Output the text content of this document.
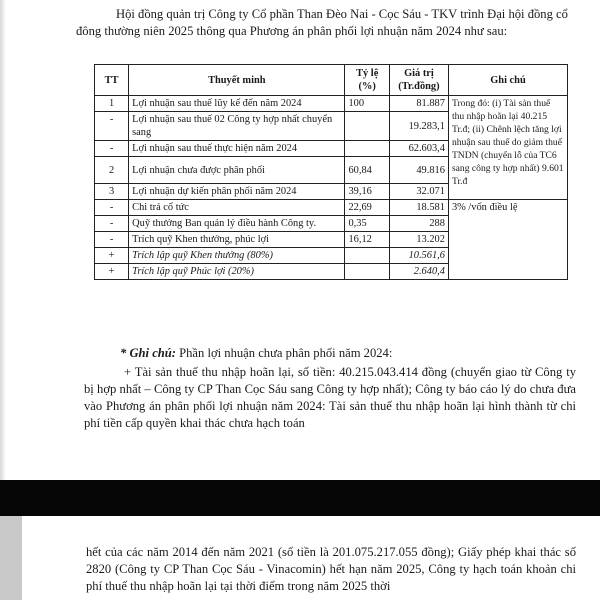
Hội đồng quản trị Công ty Cổ phần Than Đèo Nai - Cọc Sáu - TKV trình Đại hội đồng cổ đông thường niên 2025 thông qua Phương án phân phối lợi nhuận năm 2024 như sau:

TT	Thuyết minh	Tỷ lệ (%)	Giá trị (Tr.đồng)	Ghi chú
1	Lợi nhuận sau thuế lũy kế đến năm 2024	100	81.887	Trong đó: (i) Tài sản thuế thu nhập hoãn lại 40.215 Tr.đ; (ii) Chênh lệch tăng lợi nhuận sau thuế do giảm thuế TNDN (chuyển lỗ của TC6 sang công ty hợp nhất) 9.601 Tr.đ
-	Lợi nhuận sau thuế 02 Công ty hợp nhất chuyển sang		19.283,1	
-	Lợi nhuận sau thuế thực hiện năm 2024		62.603,4	
2	Lợi nhuận chưa được phân phối	60,84	49.816	
3	Lợi nhuận dự kiến phân phối năm 2024	39,16	32.071	
-	Chi trả cổ tức	22,69	18.581	3% /vốn điều lệ
-	Quỹ thưởng Ban quản lý điều hành Công ty.	0,35	288	
-	Trích quỹ Khen thưởng, phúc lợi	16,12	13.202	
+	Trích lập quỹ Khen thưởng (80%)		10.561,6	
+	Trích lập quỹ Phúc lợi (20%)		2.640,4	

* Ghi chú: Phần lợi nhuận chưa phân phối năm 2024:

+ Tài sản thuế thu nhập hoãn lại, số tiền: 40.215.043.414 đồng (chuyển giao từ Công ty bị hợp nhất – Công ty CP Than Cọc Sáu sang Công ty hợp nhất); Công ty báo cáo lý do chưa đưa vào Phương án phân phối lợi nhuận năm 2024: Tài sản thuế thu nhập hoãn lại hình thành từ chi phí tiền cấp quyền khai thác chưa hạch toán

hết của các năm 2014 đến năm 2021 (số tiền là 201.075.217.055 đồng); Giấy phép khai thác số 2820 (Công ty CP Than Cọc Sáu - Vinacomin) hết hạn năm 2025, Công ty hạch toán khoản chi phí thuế thu nhập hoãn lại tại thời điểm trong năm 2025 thời
